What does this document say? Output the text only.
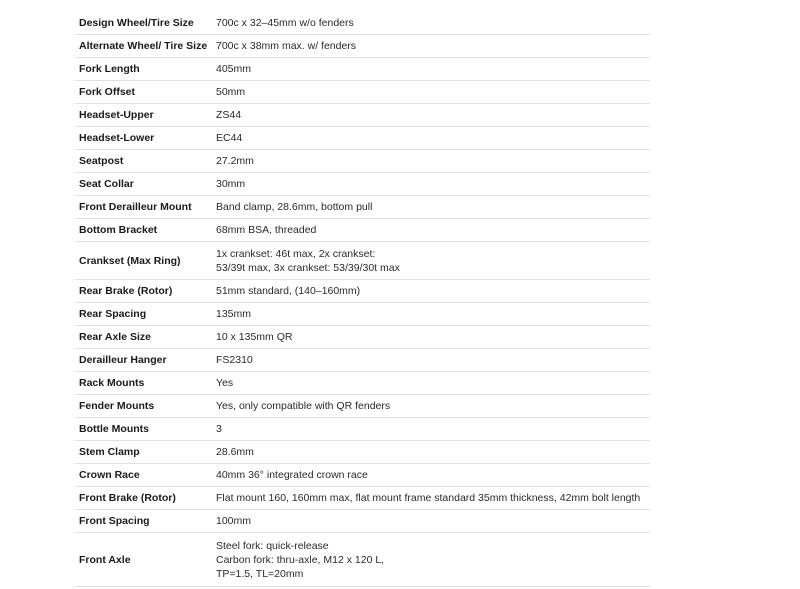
Design Wheel/Tire Size	700c x 32–45mm w/o fenders

Alternate Wheel/ Tire Size	700c x 38mm max. w/ fenders

Fork Length	405mm

Fork Offset	50mm

Headset-Upper	ZS44

Headset-Lower	EC44

Seatpost	27.2mm

Seat Collar	30mm

Front Derailleur Mount	Band clamp, 28.6mm, bottom pull

Bottom Bracket	68mm BSA, threaded

Crankset (Max Ring)	1x crankset: 46t max, 2x crankset:
53/39t max, 3x crankset: 53/39/30t max

Rear Brake (Rotor)	51mm standard, (140–160mm)

Rear Spacing	135mm

Rear Axle Size	10 x 135mm QR

Derailleur Hanger	FS2310

Rack Mounts	Yes

Fender Mounts	Yes, only compatible with QR fenders

Bottle Mounts	3

Stem Clamp	28.6mm

Crown Race	40mm 36° integrated crown race

Front Brake (Rotor)	Flat mount 160, 160mm max, flat mount frame standard 35mm thickness, 42mm bolt length

Front Spacing	100mm

Front Axle	Steel fork: quick-release
Carbon fork: thru-axle, M12 x 120 L,
TP=1.5, TL=20mm
